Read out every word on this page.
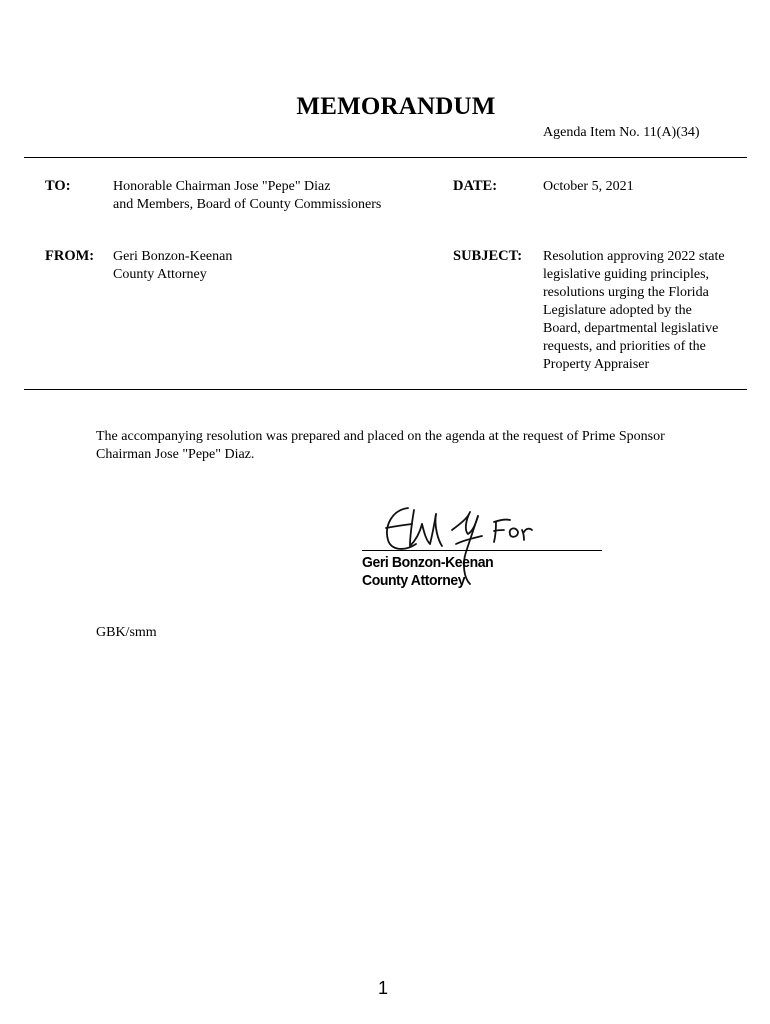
MEMORANDUM
Agenda Item No. 11(A)(34)
TO:	Honorable Chairman Jose "Pepe" Diaz
and Members, Board of County Commissioners
DATE:	October 5, 2021
FROM: Geri Bonzon-Keenan
County Attorney
SUBJECT: Resolution approving 2022 state
legislative guiding principles,
resolutions urging the Florida
Legislature adopted by the
Board, departmental legislative
requests, and priorities of the
Property Appraiser
The accompanying resolution was prepared and placed on the agenda at the request of Prime Sponsor
Chairman Jose "Pepe" Diaz.
Geri Bonzon-Keenan
County Attorney
GBK/smm
1
